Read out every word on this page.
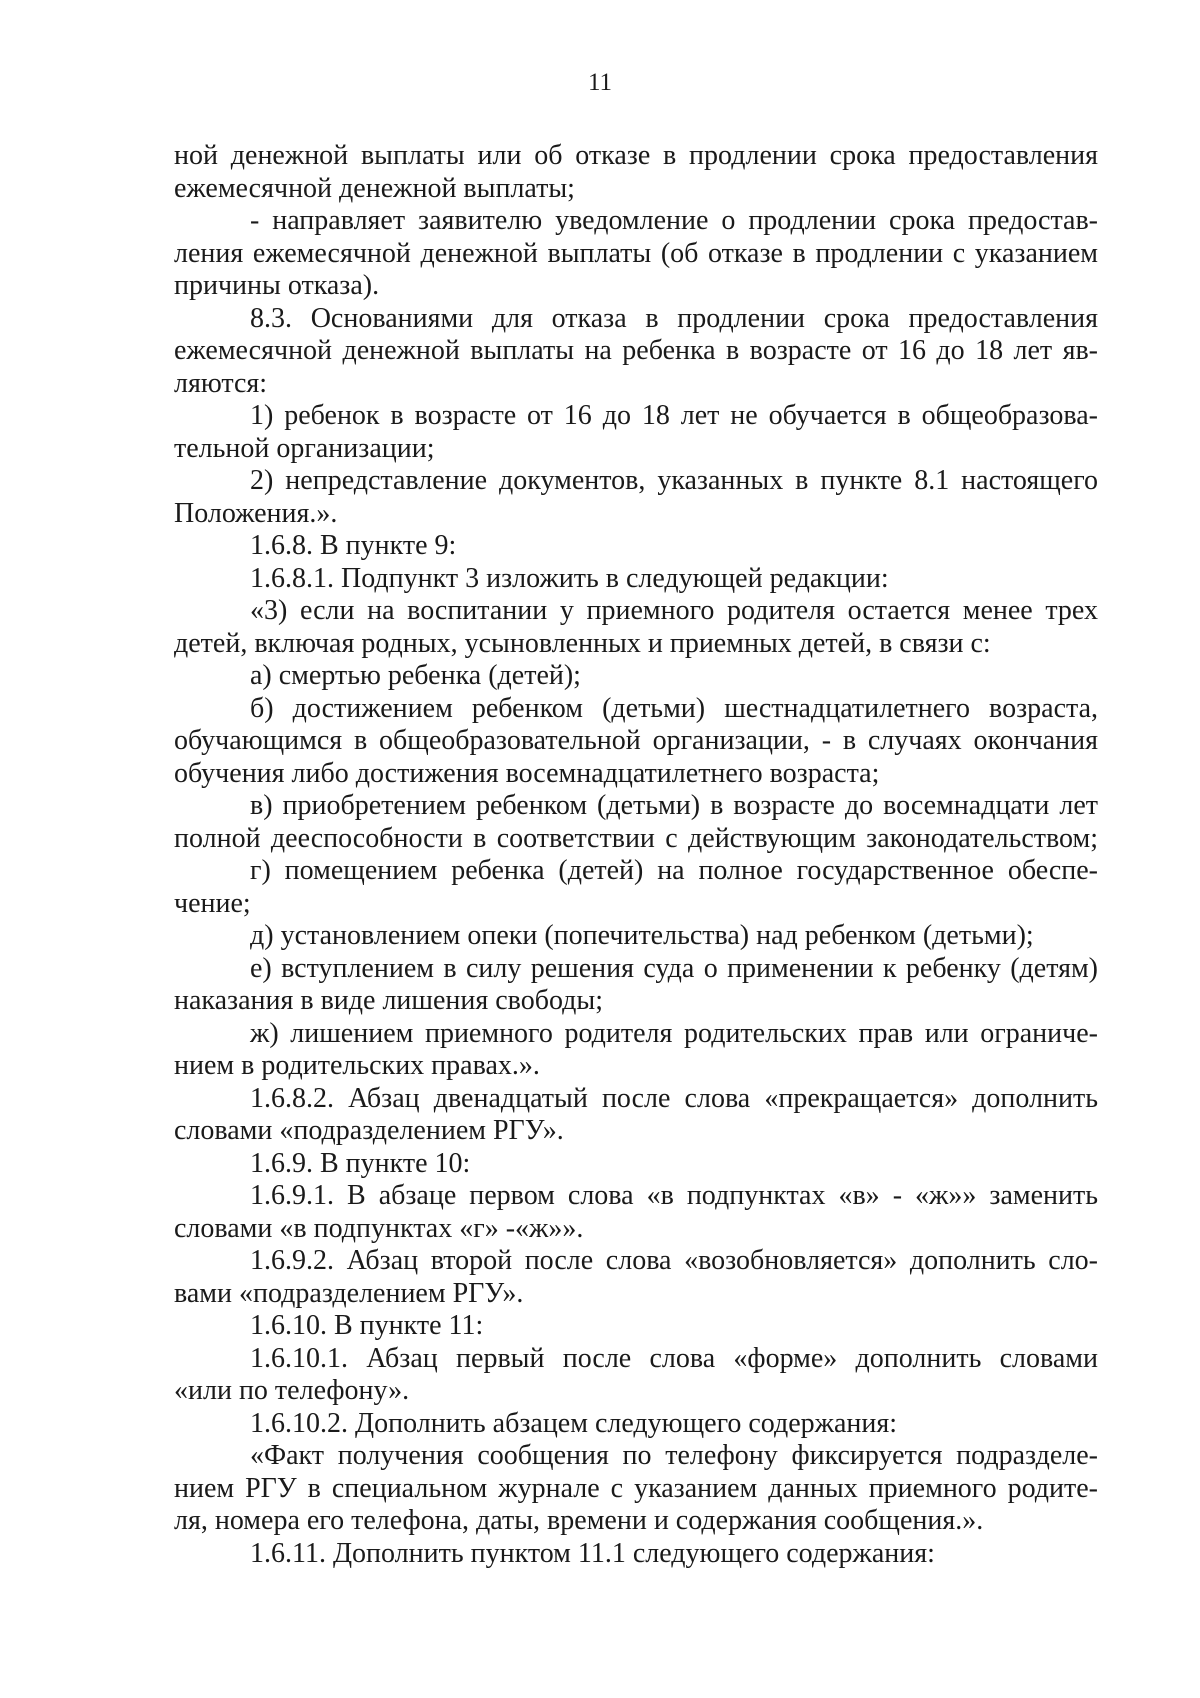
11
ной денежной выплаты или об отказе в продлении срока предоставления
ежемесячной денежной выплаты;
- направляет заявителю уведомление о продлении срока предостав-
ления ежемесячной денежной выплаты (об отказе в продлении с указанием
причины отказа).
8.3. Основаниями для отказа в продлении срока предоставления
ежемесячной денежной выплаты на ребенка в возрасте от 16 до 18 лет яв-
ляются:
1) ребенок в возрасте от 16 до 18 лет не обучается в общеобразова-
тельной организации;
2) непредставление документов, указанных в пункте 8.1 настоящего
Положения.».
1.6.8. В пункте 9:
1.6.8.1. Подпункт 3 изложить в следующей редакции:
«3) если на воспитании у приемного родителя остается менее трех
детей, включая родных, усыновленных и приемных детей, в связи с:
а) смертью ребенка (детей);
б) достижением ребенком (детьми) шестнадцатилетнего возраста,
обучающимся в общеобразовательной организации, - в случаях окончания
обучения либо достижения восемнадцатилетнего возраста;
в) приобретением ребенком (детьми) в возрасте до восемнадцати лет
полной дееспособности в соответствии с действующим законодательством;
г) помещением ребенка (детей) на полное государственное обеспе-
чение;
д) установлением опеки (попечительства) над ребенком (детьми);
е) вступлением в силу решения суда о применении к ребенку (детям)
наказания в виде лишения свободы;
ж) лишением приемного родителя родительских прав или ограниче-
нием в родительских правах.».
1.6.8.2. Абзац двенадцатый после слова «прекращается» дополнить
словами «подразделением РГУ».
1.6.9. В пункте 10:
1.6.9.1. В абзаце первом слова «в подпунктах «в» - «ж»» заменить
словами «в подпунктах «г» -«ж»».
1.6.9.2. Абзац второй после слова «возобновляется» дополнить сло-
вами «подразделением РГУ».
1.6.10. В пункте 11:
1.6.10.1. Абзац первый после слова «форме» дополнить словами
«или по телефону».
1.6.10.2. Дополнить абзацем следующего содержания:
«Факт получения сообщения по телефону фиксируется подразделе-
нием РГУ в специальном журнале с указанием данных приемного родите-
ля, номера его телефона, даты, времени и содержания сообщения.».
1.6.11. Дополнить пунктом 11.1 следующего содержания:
